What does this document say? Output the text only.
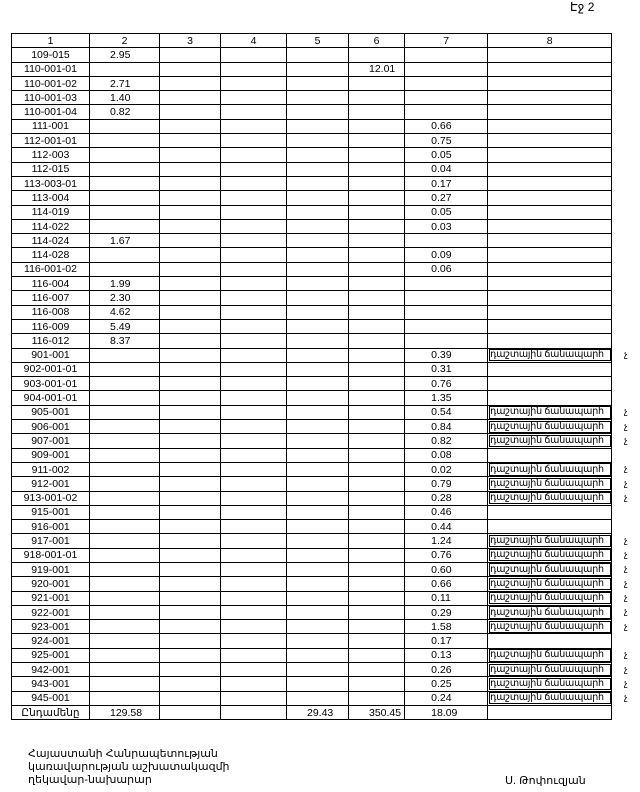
Էջ 2
1	2	3	4	5	6	7	8
109-015	2.95						
110-001-01					12.01		
110-001-02	2.71						
110-001-03	1.40						
110-001-04	0.82						
111-001						0.66	
112-001-01						0.75	
112-003						0.05	
112-015						0.04	
113-003-01						0.17	
113-004						0.27	
114-019						0.05	
114-022						0.03	
114-024	1.67						
114-028						0.09	
116-001-02						0.06	
116-004	1.99						
116-007	2.30						
116-008	4.62						
116-009	5.49						
116-012	8.37						
901-001						0.39	դաշտային ճանապարհ
902-001-01						0.31	
903-001-01						0.76	
904-001-01						1.35	
905-001						0.54	դաշտային ճանապարհ
906-001						0.84	դաշտային ճանապարհ
907-001						0.82	դաշտային ճանապարհ
909-001						0.08	
911-002						0.02	դաշտային ճանապարհ
912-001						0.79	դաշտային ճանապարհ
913-001-02						0.28	դաշտային ճանապարհ
915-001						0.46	
916-001						0.44	
917-001						1.24	դաշտային ճանապարհ
918-001-01						0.76	դաշտային ճանապարհ
919-001						0.60	դաշտային ճանապարհ
920-001						0.66	դաշտային ճանապարհ
921-001						0.11	դաշտային ճանապարհ
922-001						0.29	դաշտային ճանապարհ
923-001						1.58	դաշտային ճանապարհ
924-001						0.17	
925-001						0.13	դաշտային ճանապարհ
942-001						0.26	դաշտային ճանապարհ
943-001						0.25	դաշտային ճանապարհ
945-001						0.24	դաշտային ճանապարհ
Ընդամենը	129.58			29.43	350.45	18.09	
չ
չ
չ
չ
չ
չ
չ
չ
չ
չ
չ
չ
չ
չ
չ
չ
չ
չ
Հայաստանի Հանրապետության
կառավարության աշխատակազմի
ղեկավար-նախարար	Ս. Թոփուզյան
